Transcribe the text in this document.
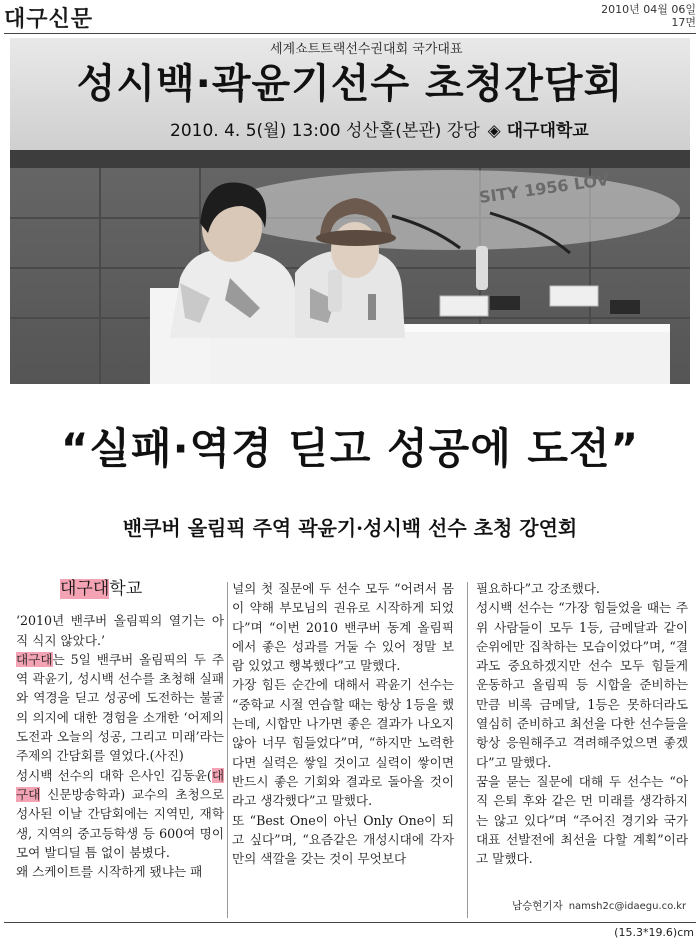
대구신문	2010년 04월 06일
17면
SITY 1956 LOV
세계쇼트트랙선수권대회 국가대표
성시백·곽윤기선수 초청간담회
2010. 4. 5(월) 13:00 성산홀(본관) 강당 ◈ 대구대학교
“실패·역경 딛고 성공에 도전”
밴쿠버 올림픽 주역 곽윤기·성시백 선수 초청 강연회
대구대학교

‘2010년 밴쿠버 올림픽의 열기는 아직 식지 않았다.’

대구대는 5일 밴쿠버 올림픽의 두 주역 곽윤기, 성시백 선수를 초청해 실패와 역경을 딛고 성공에 도전하는 불굴의 의지에 대한 경험을 소개한 ‘어제의 도전과 오늘의 성공, 그리고 미래’라는 주제의 간담회를 열었다.(사진)

성시백 선수의 대학 은사인 김동윤(대구대 신문방송학과) 교수의 초청으로 성사된 이날 간담회에는 지역민, 재학생, 지역의 중고등학생 등 600여 명이 모여 발디딜 틈 없이 붐볐다.

왜 스케이트를 시작하게 됐냐는 패

널의 첫 질문에 두 선수 모두 “어려서 몸이 약해 부모님의 권유로 시작하게 되었다”며 “이번 2010 밴쿠버 동계 올림픽에서 좋은 성과를 거둘 수 있어 정말 보람 있었고 행복했다”고 말했다.

가장 힘든 순간에 대해서 곽윤기 선수는 “중학교 시절 연습할 때는 항상 1등을 했는데, 시합만 나가면 좋은 결과가 나오지 않아 너무 힘들었다”며, “하지만 노력한다면 실력은 쌓일 것이고 실력이 쌓이면 반드시 좋은 기회와 결과로 돌아올 것이라고 생각했다”고 말했다.

또 “Best One이 아닌 Only One이 되고 싶다”며, “요즘같은 개성시대에 각자만의 색깔을 갖는 것이 무엇보다

필요하다”고 강조했다.

성시백 선수는 “가장 힘들었을 때는 주위 사람들이 모두 1등, 금메달과 같이 순위에만 집착하는 모습이었다”며, “결과도 중요하겠지만 선수 모두 힘들게 운동하고 올림픽 등 시합을 준비하는 만큼 비록 금메달, 1등은 못하더라도 열심히 준비하고 최선을 다한 선수들을 항상 응원해주고 격려해주었으면 좋겠다”고 말했다.

꿈을 묻는 질문에 대해 두 선수는 “아직 은퇴 후와 같은 먼 미래를 생각하지는 않고 있다”며 “주어진 경기와 국가대표 선발전에 최선을 다할 계획”이라고 말했다.

남승현기자 namsh2c@idaegu.co.kr
(15.3*19.6)cm
